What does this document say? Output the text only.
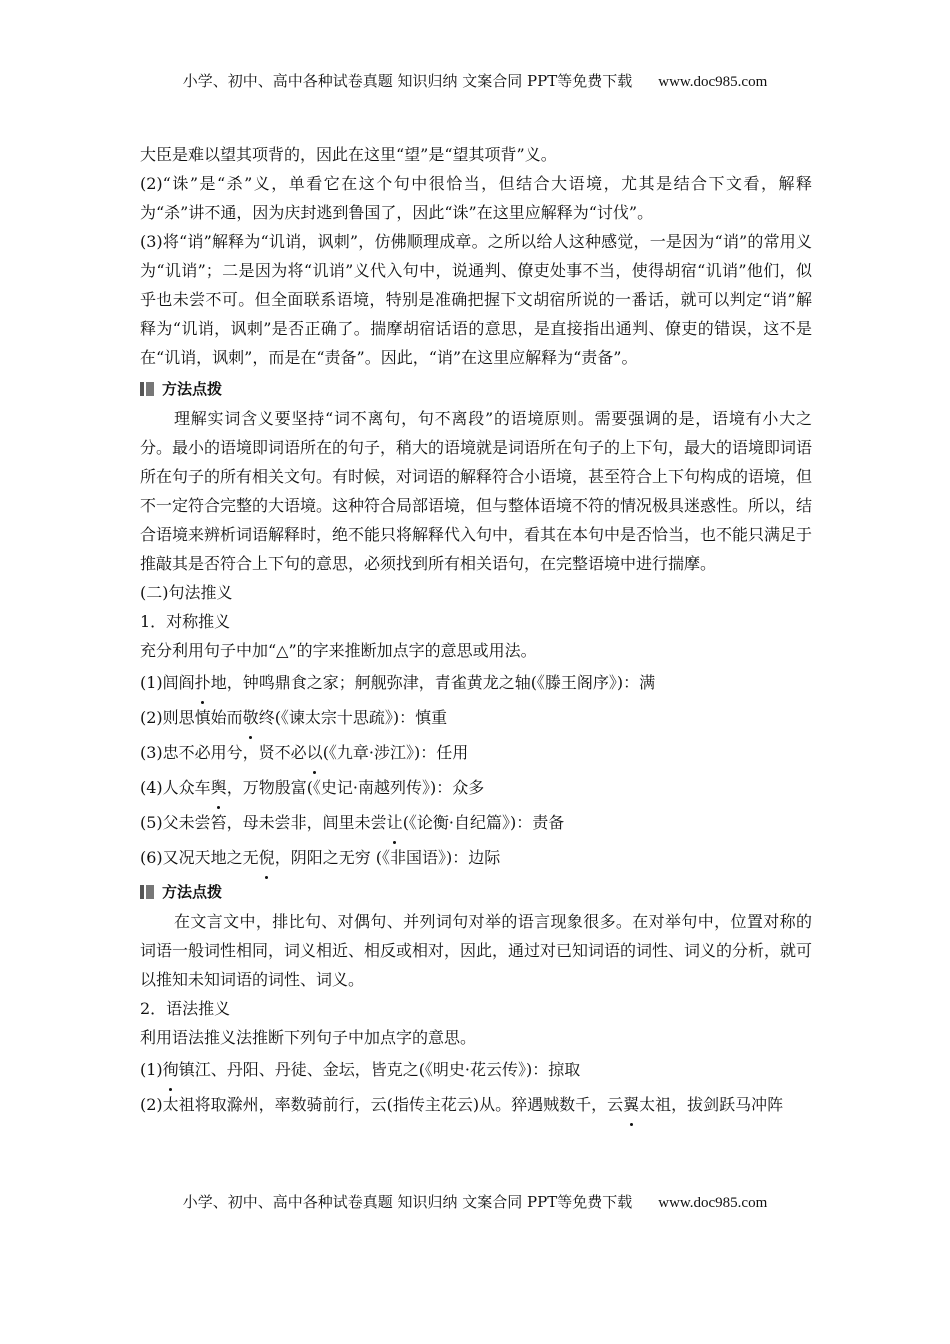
小学、初中、高中各种试卷真题 知识归纳 文案合同 PPT等免费下载 www.doc985.com

大臣是难以望其项背的，因此在这里“望”是“望其项背”义。

(2)“诛”是“杀”义，单看它在这个句中很恰当，但结合大语境，尤其是结合下文看，解释为“杀”讲不通，因为庆封逃到鲁国了，因此“诛”在这里应解释为“讨伐”。

(3)将“诮”解释为“讥诮，讽刺”，仿佛顺理成章。之所以给人这种感觉，一是因为“诮”的常用义为“讥诮”；二是因为将“讥诮”义代入句中，说通判、僚吏处事不当，使得胡宿“讥诮”他们，似乎也未尝不可。但全面联系语境，特别是准确把握下文胡宿所说的一番话，就可以判定“诮”解释为“讥诮，讽刺”是否正确了。揣摩胡宿话语的意思，是直接指出通判、僚吏的错误，这不是在“讥诮，讽刺”，而是在“责备”。因此，“诮”在这里应解释为“责备”。

方法点拨

理解实词含义要坚持“词不离句，句不离段”的语境原则。需要强调的是，语境有小大之分。最小的语境即词语所在的句子，稍大的语境就是词语所在句子的上下句，最大的语境即词语所在句子的所有相关文句。有时候，对词语的解释符合小语境，甚至符合上下句构成的语境，但不一定符合完整的大语境。这种符合局部语境，但与整体语境不符的情况极具迷惑性。所以，结合语境来辨析词语解释时，绝不能只将解释代入句中，看其在本句中是否恰当，也不能只满足于推敲其是否符合上下句的意思，必须找到所有相关语句，在完整语境中进行揣摩。

(二)句法推义

1．对称推义

充分利用句子中加“△”的字来推断加点字的意思或用法。

(1)闾阎扑地，钟鸣鼎食之家；舸舰弥津，青雀黄龙之轴(《滕王阁序》)：满

(2)则思慎始而敬终(《谏太宗十思疏》)：慎重

(3)忠不必用兮，贤不必以(《九章·涉江》)：任用

(4)人众车舆，万物殷富(《史记·南越列传》)：众多

(5)父未尝笞，母未尝非，闾里未尝让(《论衡·自纪篇》)：责备

(6)又况天地之无倪，阴阳之无穷 (《非国语》)：边际

方法点拨

在文言文中，排比句、对偶句、并列词句对举的语言现象很多。在对举句中，位置对称的词语一般词性相同，词义相近、相反或相对，因此，通过对已知词语的词性、词义的分析，就可以推知未知词语的词性、词义。

2．语法推义

利用语法推义法推断下列句子中加点字的意思。

(1)徇镇江、丹阳、丹徒、金坛，皆克之(《明史·花云传》)：掠取

(2)太祖将取滁州，率数骑前行，云(指传主花云)从。猝遇贼数千，云翼太祖，拔剑跃马冲阵

小学、初中、高中各种试卷真题 知识归纳 文案合同 PPT等免费下载 www.doc985.com
